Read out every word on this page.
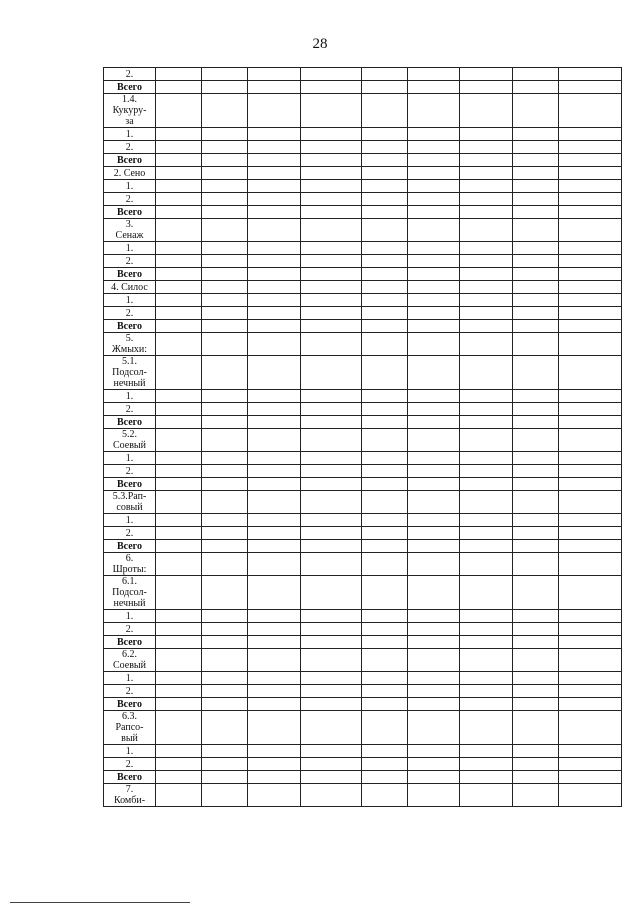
28
2.									

Всего									

1.4.
Кукуру-
за									

1.									

2.									

Всего									

2. Сено									

1.									

2.									

Всего									

3.
Сенаж									

1.									

2.									

Всего									

4. Силос									

1.									

2.									

Всего									

5.
Жмыхи:									

5.1.
Подсол-
нечный									

1.									

2.									

Всего									

5.2.
Соевый									

1.									

2.									

Всего									

5.3.Рап-
совый									

1.									

2.									

Всего									

6.
Шроты:									

6.1.
Подсол-
нечный									

1.									

2.									

Всего									

6.2.
Соевый									

1.									

2.									

Всего									

6.3.
Рапсо-
вый									

1.									

2.									

Всего									

7.
Комби-									
